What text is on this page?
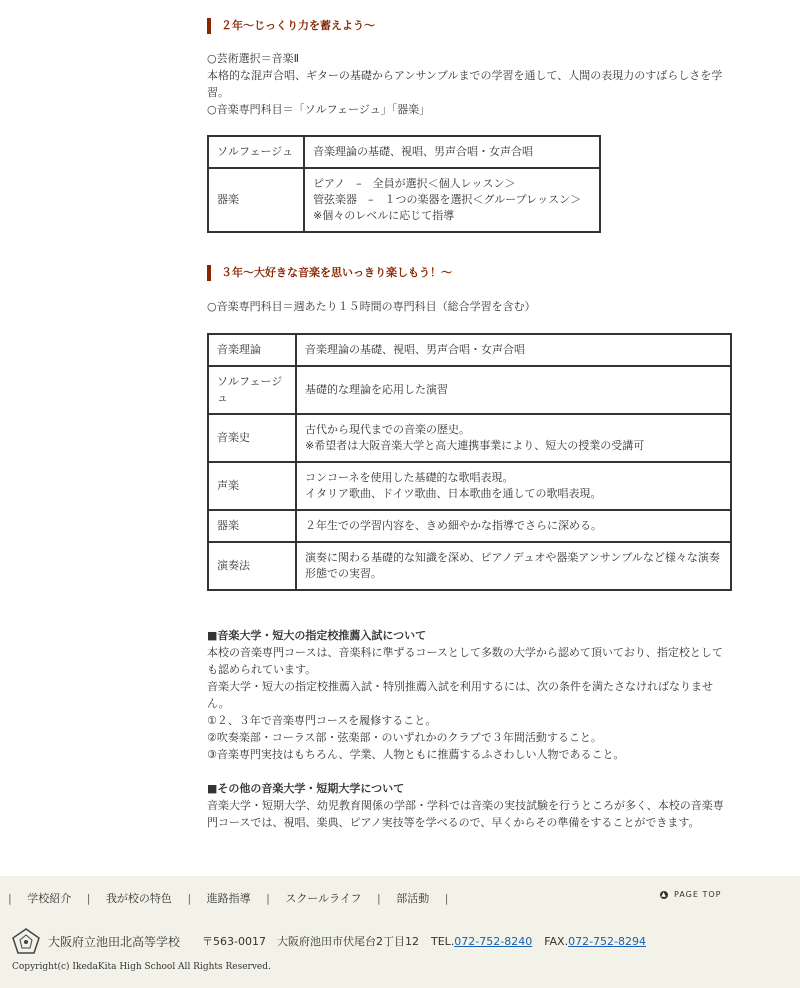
２年～じっくり力を蓄えよう～
○芸術選択＝音楽Ⅱ
本格的な混声合唱、ギターの基礎からアンサンブルまでの学習を通して、人間の表現力のすばらしさを学習。
○音楽専門科目＝「ソルフェージュ」「器楽」
ソルフェージュ	音楽理論の基礎、視唱、男声合唱・女声合唱
器楽	ピアノ　–　全員が選択＜個人レッスン＞
管弦楽器　–　１つの楽器を選択＜グループレッスン＞
※個々のレベルに応じて指導
３年～大好きな音楽を思いっきり楽しもう！～
○音楽専門科目＝週あたり１５時間の専門科目（総合学習を含む）
音楽理論	音楽理論の基礎、視唱、男声合唱・女声合唱

ソルフェージュ	基礎的な理論を応用した演習

音楽史	古代から現代までの音楽の歴史。
※希望者は大阪音楽大学と高大連携事業により、短大の授業の受講可

声楽	コンコーネを使用した基礎的な歌唱表現。
イタリア歌曲、ドイツ歌曲、日本歌曲を通しての歌唱表現。

器楽	２年生での学習内容を、きめ細やかな指導でさらに深める。

演奏法	演奏に関わる基礎的な知識を深め、ピアノデュオや器楽アンサンブルなど様々な演奏形態での実習。
■音楽大学・短大の指定校推薦入試について
本校の音楽専門コースは、音楽科に準ずるコースとして多数の大学から認めて頂いており、指定校としても認められています。
音楽大学・短大の指定校推薦入試・特別推薦入試を利用するには、次の条件を満たさなければなりません。
①２、３年で音楽専門コースを履修すること。
②吹奏楽部・コーラス部・弦楽部・のいずれかのクラブで３年間活動すること。
③音楽専門実技はもちろん、学業、人物ともに推薦するふさわしい人物であること。
■その他の音楽大学・短期大学について
音楽大学・短期大学、幼児教育関係の学部・学科では音楽の実技試験を行うところが多く、本校の音楽専門コースでは、視唱、楽典、ピアノ実技等を学べるので、早くからその準備をすることができます。
| 学校紹介 | 我が校の特色 | 進路指導 | スクールライフ | 部活動 |	▲ PAGE TOP
大阪府立池田北高等学校 〒563-0017　大阪府池田市伏尾台2丁目12 TEL. 072-752-8240 FAX. 072-752-8294
Copyright(c) IkedaKita High School All Rights Reserved.
